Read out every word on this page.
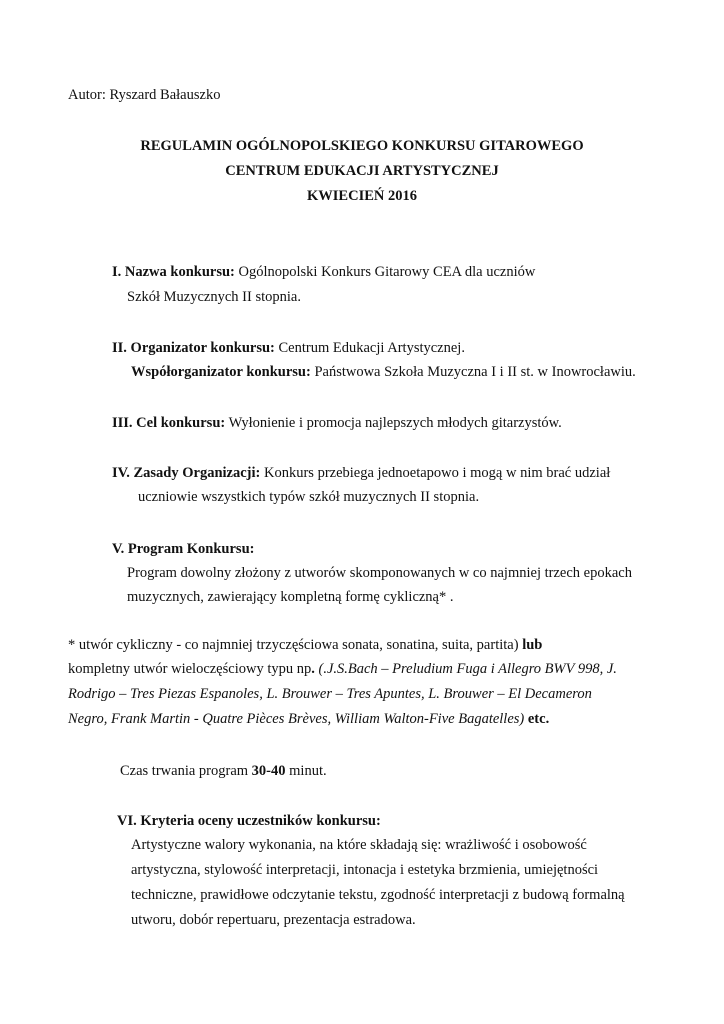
Autor: Ryszard Bałauszko
REGULAMIN OGÓLNOPOLSKIEGO KONKURSU GITAROWEGO
CENTRUM EDUKACJI ARTYSTYCZNEJ
KWIECIEŃ 2016
I. Nazwa konkursu: Ogólnopolski Konkurs Gitarowy CEA dla uczniów
Szkół Muzycznych II stopnia.
II. Organizator konkursu: Centrum Edukacji Artystycznej.
Współorganizator konkursu: Państwowa Szkoła Muzyczna I i II st. w Inowrocławiu.
III. Cel konkursu: Wyłonienie i promocja najlepszych młodych gitarzystów.
IV. Zasady Organizacji: Konkurs przebiega jednoetapowo i mogą w nim brać udział
uczniowie wszystkich typów szkół muzycznych II stopnia.
V. Program Konkursu:
Program dowolny złożony z utworów skomponowanych w co najmniej trzech epokach
muzycznych, zawierający kompletną formę cykliczną* .
* utwór cykliczny - co najmniej trzyczęściowa sonata, sonatina, suita, partita) lub
kompletny utwór wieloczęściowy typu np. (.J.S.Bach – Preludium Fuga i Allegro BWV 998, J.
Rodrigo – Tres Piezas Espanoles, L. Brouwer – Tres Apuntes, L. Brouwer – El Decameron
Negro, Frank Martin - Quatre Pièces Brèves, William Walton-Five Bagatelles) etc.
Czas trwania program 30-40 minut.
VI. Kryteria oceny uczestników konkursu:
Artystyczne walory wykonania, na które składają się: wrażliwość i osobowość
artystyczna, stylowość interpretacji, intonacja i estetyka brzmienia, umiejętności
techniczne, prawidłowe odczytanie tekstu, zgodność interpretacji z budową formalną
utworu, dobór repertuaru, prezentacja estradowa.
